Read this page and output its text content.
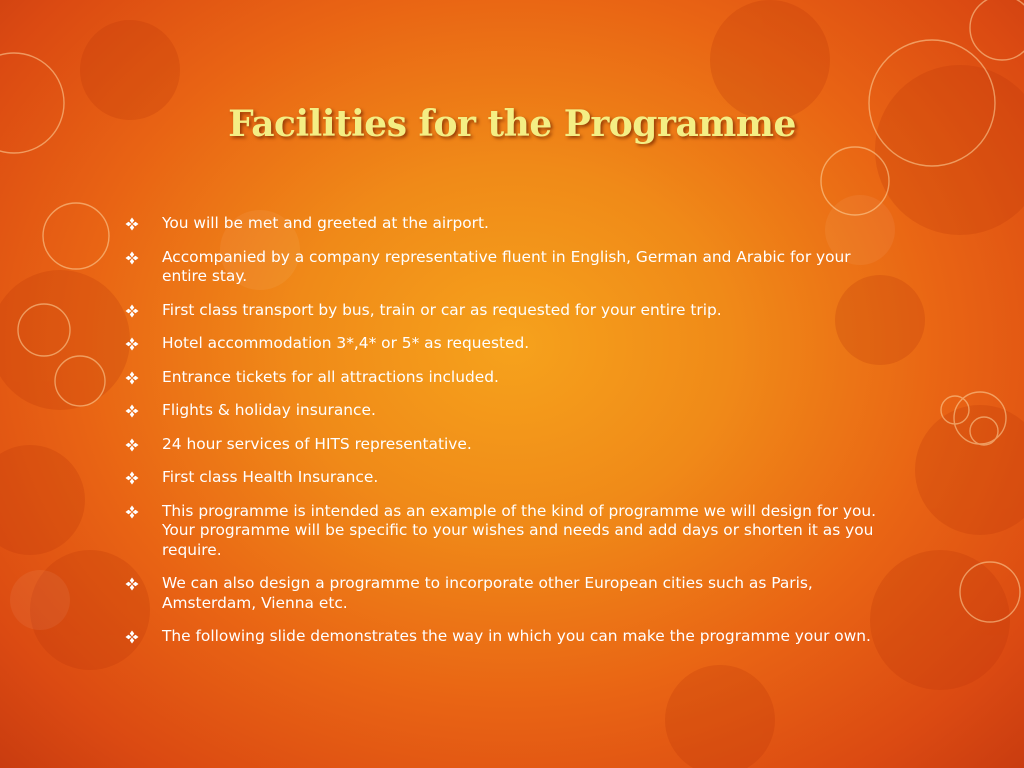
Facilities for the Programme
You will be met and greeted at the airport.
Accompanied by a company representative fluent in English, German and Arabic for your entire stay.
First class transport by bus, train or car as requested for your entire trip.
Hotel accommodation 3*,4* or 5* as requested.
Entrance tickets for all attractions included.
Flights & holiday insurance.
24 hour services of HITS representative.
First class Health Insurance.
This programme is intended as an example of the kind of programme we will design for you. Your programme will be specific to your wishes and needs and add days or shorten it as you require.
We can also design a programme to incorporate other European cities such as Paris, Amsterdam, Vienna etc.
The following slide demonstrates the way in which you can make the programme your own.
